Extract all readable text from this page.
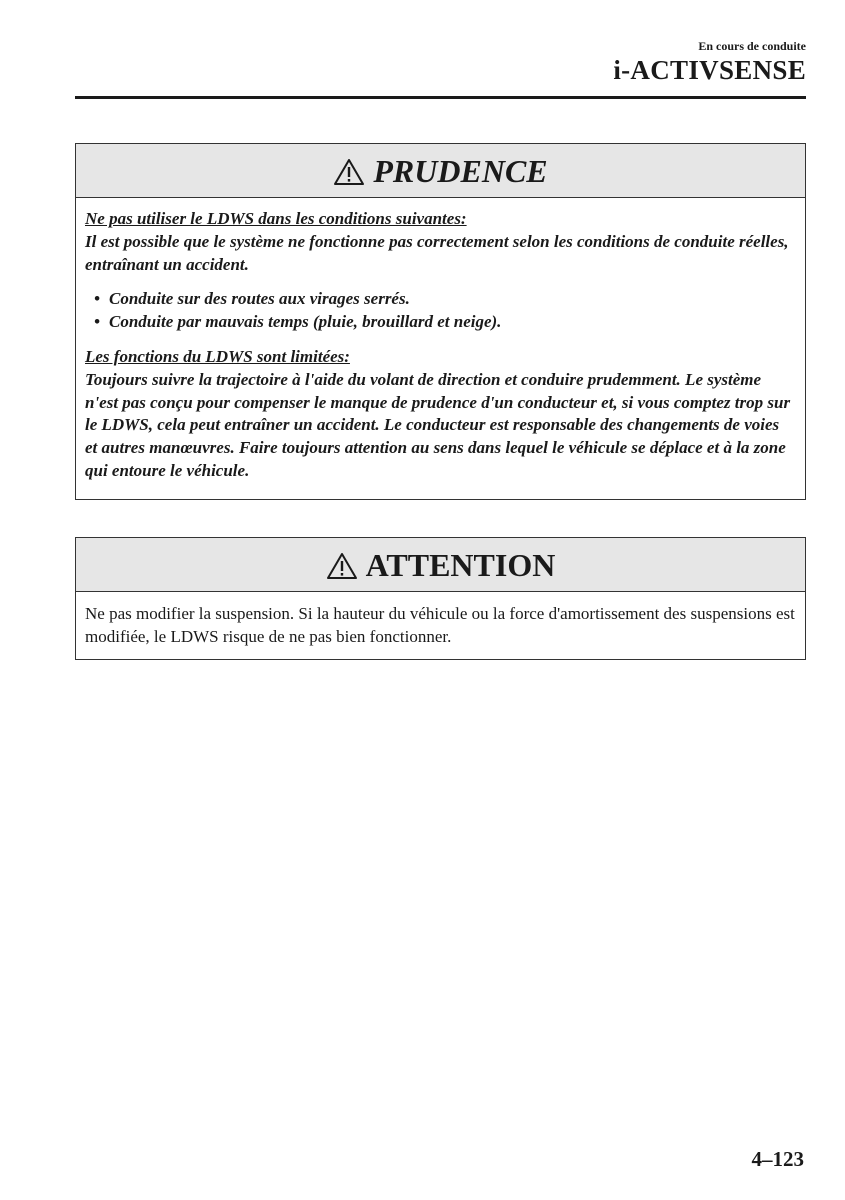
En cours de conduite
i-ACTIVSENSE
PRUDENCE

Ne pas utiliser le LDWS dans les conditions suivantes:

Il est possible que le système ne fonctionne pas correctement selon les conditions de conduite réelles, entraînant un accident.

• Conduite sur des routes aux virages serrés.
• Conduite par mauvais temps (pluie, brouillard et neige).

Les fonctions du LDWS sont limitées:

Toujours suivre la trajectoire à l'aide du volant de direction et conduire prudemment. Le système n'est pas conçu pour compenser le manque de prudence d'un conducteur et, si vous comptez trop sur le LDWS, cela peut entraîner un accident. Le conducteur est responsable des changements de voies et autres manœuvres. Faire toujours attention au sens dans lequel le véhicule se déplace et à la zone qui entoure le véhicule.

ATTENTION

Ne pas modifier la suspension. Si la hauteur du véhicule ou la force d'amortissement des suspensions est modifiée, le LDWS risque de ne pas bien fonctionner.

4–123
